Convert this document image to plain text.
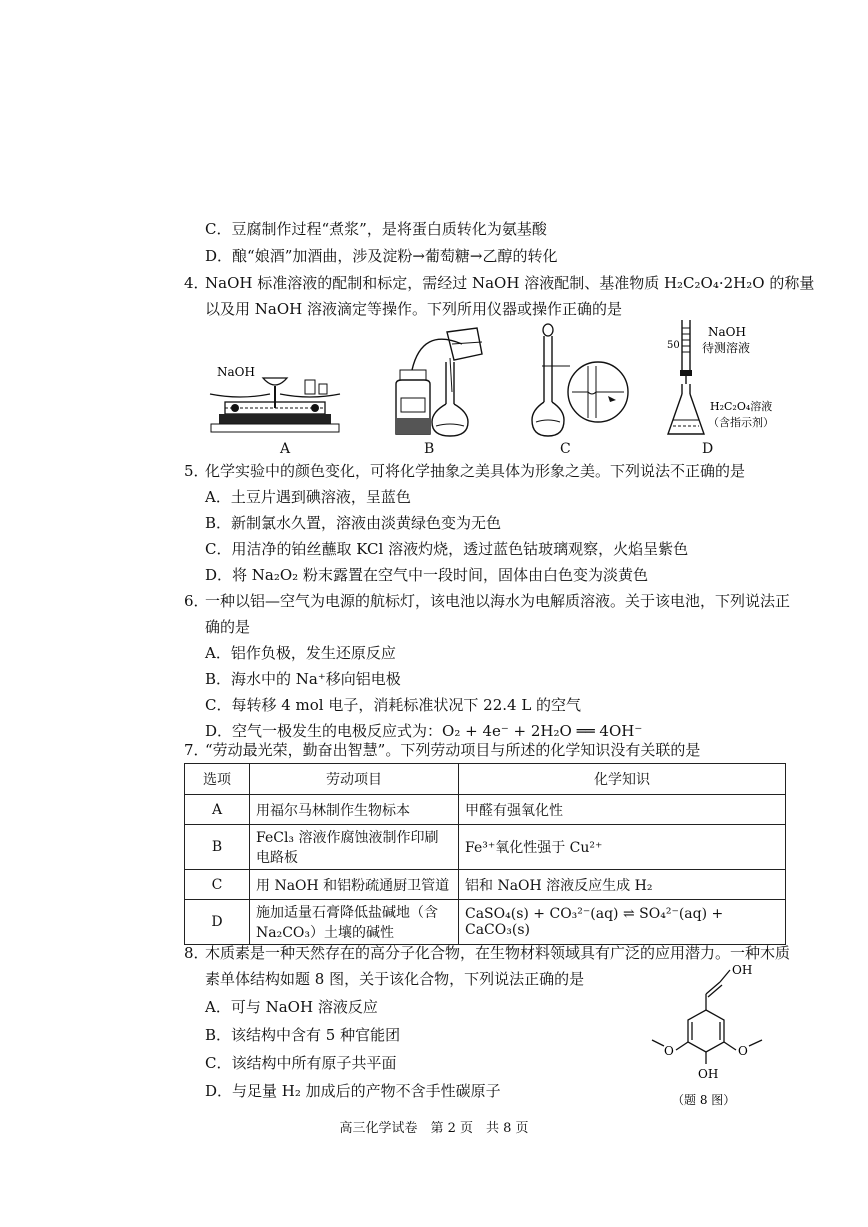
C．豆腐制作过程“煮浆”，是将蛋白质转化为氨基酸
D．酿“娘酒”加酒曲，涉及淀粉→葡萄糖→乙醇的转化
4．
NaOH 标准溶液的配制和标定，需经过 NaOH 溶液配制、基准物质 H₂C₂O₄·2H₂O 的称量
以及用 NaOH 溶液滴定等操作。下列所用仪器或操作正确的是
NaOH
A	B	C
50
NaOH
待测溶液
H₂C₂O₄溶液
（含指示剂）
D
5．
化学实验中的颜色变化，可将化学抽象之美具体为形象之美。下列说法不正确的是
A．土豆片遇到碘溶液，呈蓝色
B．新制氯水久置，溶液由淡黄绿色变为无色
C．用洁净的铂丝蘸取 KCl 溶液灼烧，透过蓝色钴玻璃观察，火焰呈紫色
D．将 Na₂O₂ 粉末露置在空气中一段时间，固体由白色变为淡黄色
6．
一种以铝—空气为电源的航标灯，该电池以海水为电解质溶液。关于该电池，下列说法正
确的是
A．铝作负极，发生还原反应
B．海水中的 Na⁺移向铝电极
C．每转移 4 mol 电子，消耗标准状况下 22.4 L 的空气
D．空气一极发生的电极反应式为：O₂ + 4e⁻ + 2H₂O ══ 4OH⁻
7．
“劳动最光荣，勤奋出智慧”。下列劳动项目与所述的化学知识没有关联的是
选项	劳动项目	化学知识
A	用福尔马林制作生物标本	甲醛有强氧化性
B	FeCl₃ 溶液作腐蚀液制作印刷电路板	Fe³⁺氧化性强于 Cu²⁺
C	用 NaOH 和铝粉疏通厨卫管道	铝和 NaOH 溶液反应生成 H₂
D	施加适量石膏降低盐碱地（含 Na₂CO₃）土壤的碱性	CaSO₄(s) + CO₃²⁻(aq) ⇌ SO₄²⁻(aq) + CaCO₃(s)
8．
木质素是一种天然存在的高分子化合物，在生物材料领域具有广泛的应用潜力。一种木质
素单体结构如题 8 图，关于该化合物，下列说法正确的是
A．可与 NaOH 溶液反应
B．该结构中含有 5 种官能团
C．该结构中所有原子共平面
D．与足量 H₂ 加成后的产物不含手性碳原子
OH
OH
O	O
（题 8 图）
高三化学试卷　第 2 页　共 8 页
